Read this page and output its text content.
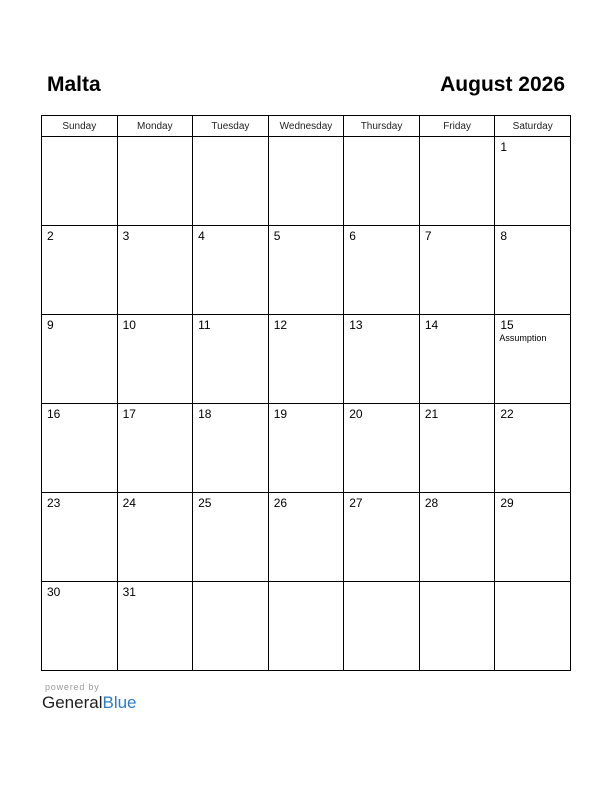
Malta	August 2026
Sunday	Monday	Tuesday	Wednesday	Thursday	Friday	Saturday

						1

2	3	4	5	6	7	8

9	10	11	12	13	14	15
Assumption

16	17	18	19	20	21	22

23	24	25	26	27	28	29

30	31					

powered by
GeneralBlue
